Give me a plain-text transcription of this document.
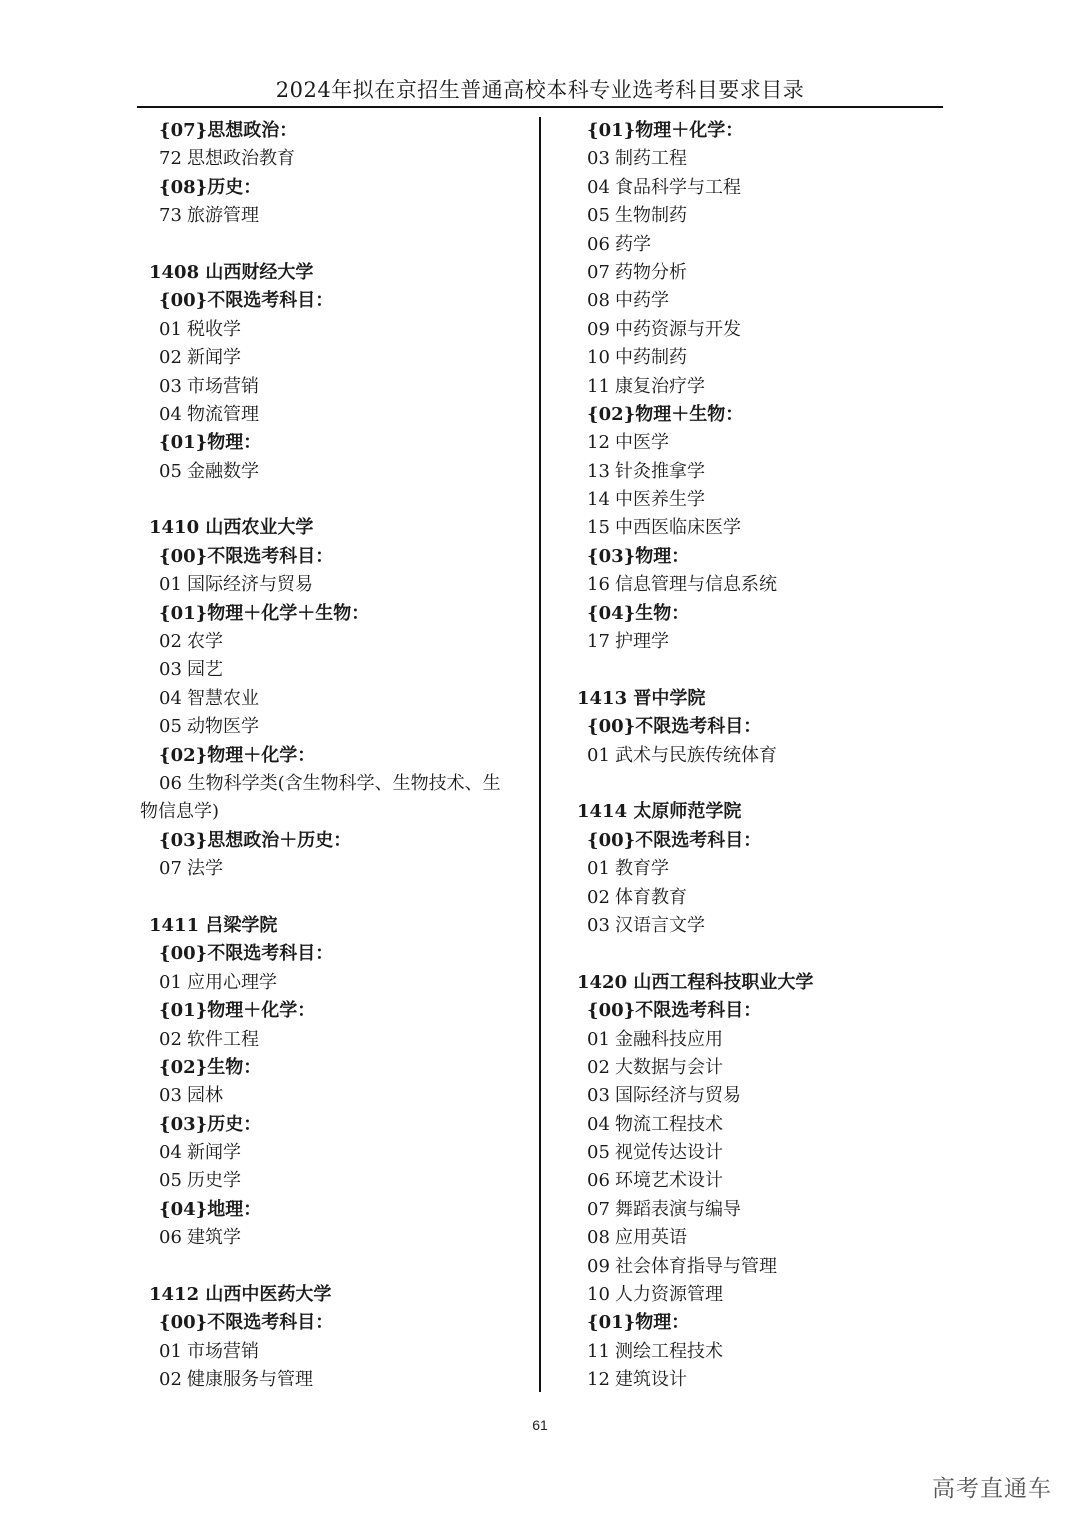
2024年拟在京招生普通高校本科专业选考科目要求目录
{07}思想政治：
72 思想政治教育
{08}历史：
73 旅游管理
1408 山西财经大学
{00}不限选考科目：
01 税收学
02 新闻学
03 市场营销
04 物流管理
{01}物理：
05 金融数学
1410 山西农业大学
{00}不限选考科目：
01 国际经济与贸易
{01}物理＋化学＋生物：
02 农学
03 园艺
04 智慧农业
05 动物医学
{02}物理＋化学：
06 生物科学类(含生物科学、生物技术、生
物信息学)
{03}思想政治＋历史：
07 法学
1411 吕梁学院
{00}不限选考科目：
01 应用心理学
{01}物理＋化学：
02 软件工程
{02}生物：
03 园林
{03}历史：
04 新闻学
05 历史学
{04}地理：
06 建筑学
1412 山西中医药大学
{00}不限选考科目：
01 市场营销
02 健康服务与管理
{01}物理＋化学：
03 制药工程
04 食品科学与工程
05 生物制药
06 药学
07 药物分析
08 中药学
09 中药资源与开发
10 中药制药
11 康复治疗学
{02}物理＋生物：
12 中医学
13 针灸推拿学
14 中医养生学
15 中西医临床医学
{03}物理：
16 信息管理与信息系统
{04}生物：
17 护理学
1413 晋中学院
{00}不限选考科目：
01 武术与民族传统体育
1414 太原师范学院
{00}不限选考科目：
01 教育学
02 体育教育
03 汉语言文学
1420 山西工程科技职业大学
{00}不限选考科目：
01 金融科技应用
02 大数据与会计
03 国际经济与贸易
04 物流工程技术
05 视觉传达设计
06 环境艺术设计
07 舞蹈表演与编导
08 应用英语
09 社会体育指导与管理
10 人力资源管理
{01}物理：
11 测绘工程技术
12 建筑设计
61
高考直通车
